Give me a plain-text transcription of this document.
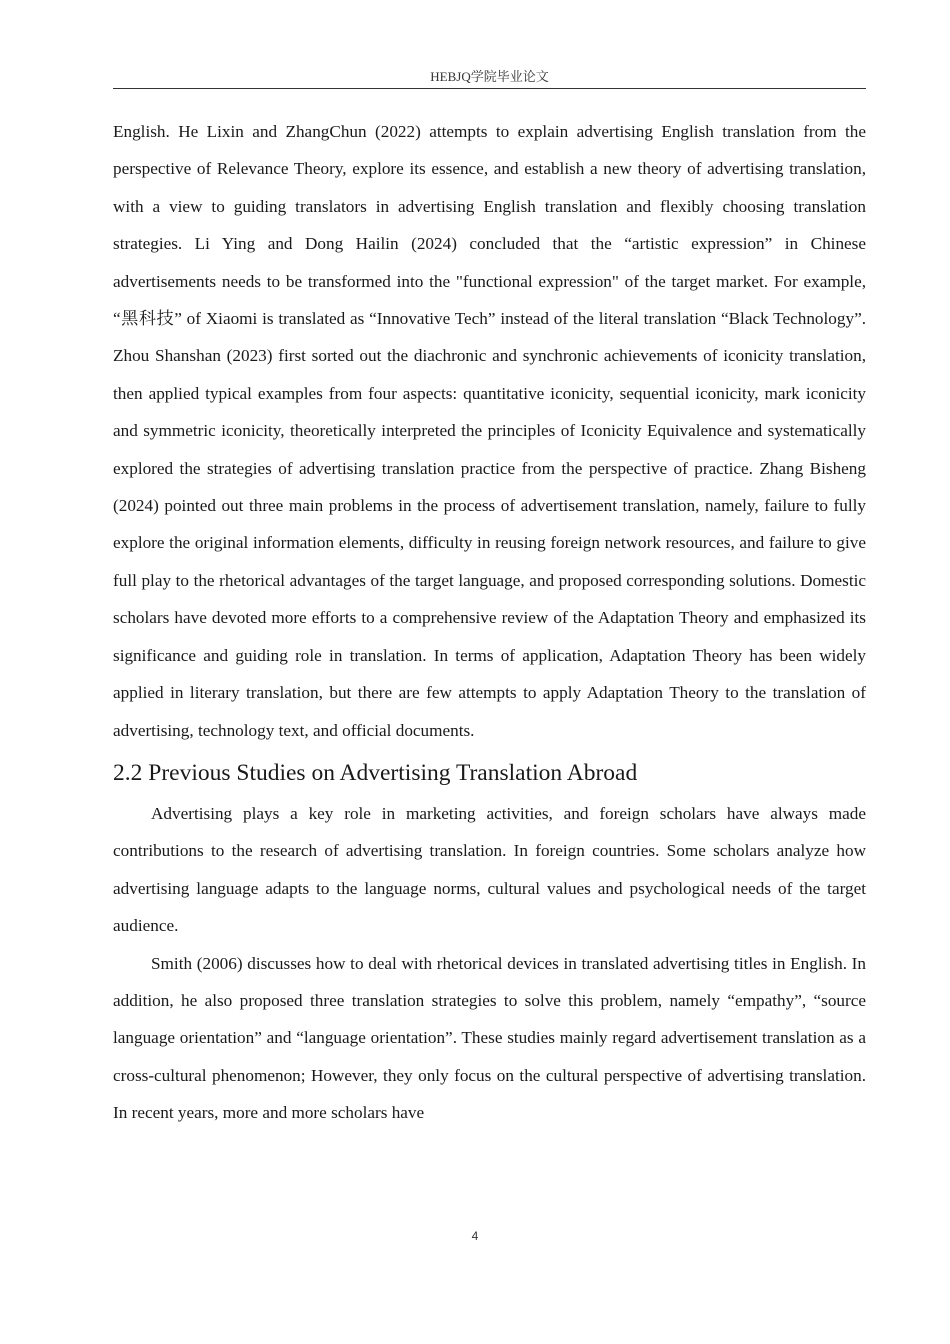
HEBJQ学院毕业论文

English. He Lixin and ZhangChun (2022) attempts to explain advertising English translation from the perspective of Relevance Theory, explore its essence, and establish a new theory of advertising translation, with a view to guiding translators in advertising English translation and flexibly choosing translation strategies. Li Ying and Dong Hailin (2024) concluded that the “artistic expression” in Chinese advertisements needs to be transformed into the "functional expression" of the target market. For example, “黑科技” of Xiaomi is translated as “Innovative Tech” instead of the literal translation “Black Technology”. Zhou Shanshan (2023) first sorted out the diachronic and synchronic achievements of iconicity translation, then applied typical examples from four aspects: quantitative iconicity, sequential iconicity, mark iconicity and symmetric iconicity, theoretically interpreted the principles of Iconicity Equivalence and systematically explored the strategies of advertising translation practice from the perspective of practice. Zhang Bisheng (2024) pointed out three main problems in the process of advertisement translation, namely, failure to fully explore the original information elements, difficulty in reusing foreign network resources, and failure to give full play to the rhetorical advantages of the target language, and proposed corresponding solutions. Domestic scholars have devoted more efforts to a comprehensive review of the Adaptation Theory and emphasized its significance and guiding role in translation. In terms of application, Adaptation Theory has been widely applied in literary translation, but there are few attempts to apply Adaptation Theory to the translation of advertising, technology text, and official documents.

2.2 Previous Studies on Advertising Translation Abroad

Advertising plays a key role in marketing activities, and foreign scholars have always made contributions to the research of advertising translation. In foreign countries. Some scholars analyze how advertising language adapts to the language norms, cultural values and psychological needs of the target audience.

Smith (2006) discusses how to deal with rhetorical devices in translated advertising titles in English. In addition, he also proposed three translation strategies to solve this problem, namely “empathy”, “source language orientation” and “language orientation”. These studies mainly regard advertisement translation as a cross-cultural phenomenon; However, they only focus on the cultural perspective of advertising translation. In recent years, more and more scholars have

4
